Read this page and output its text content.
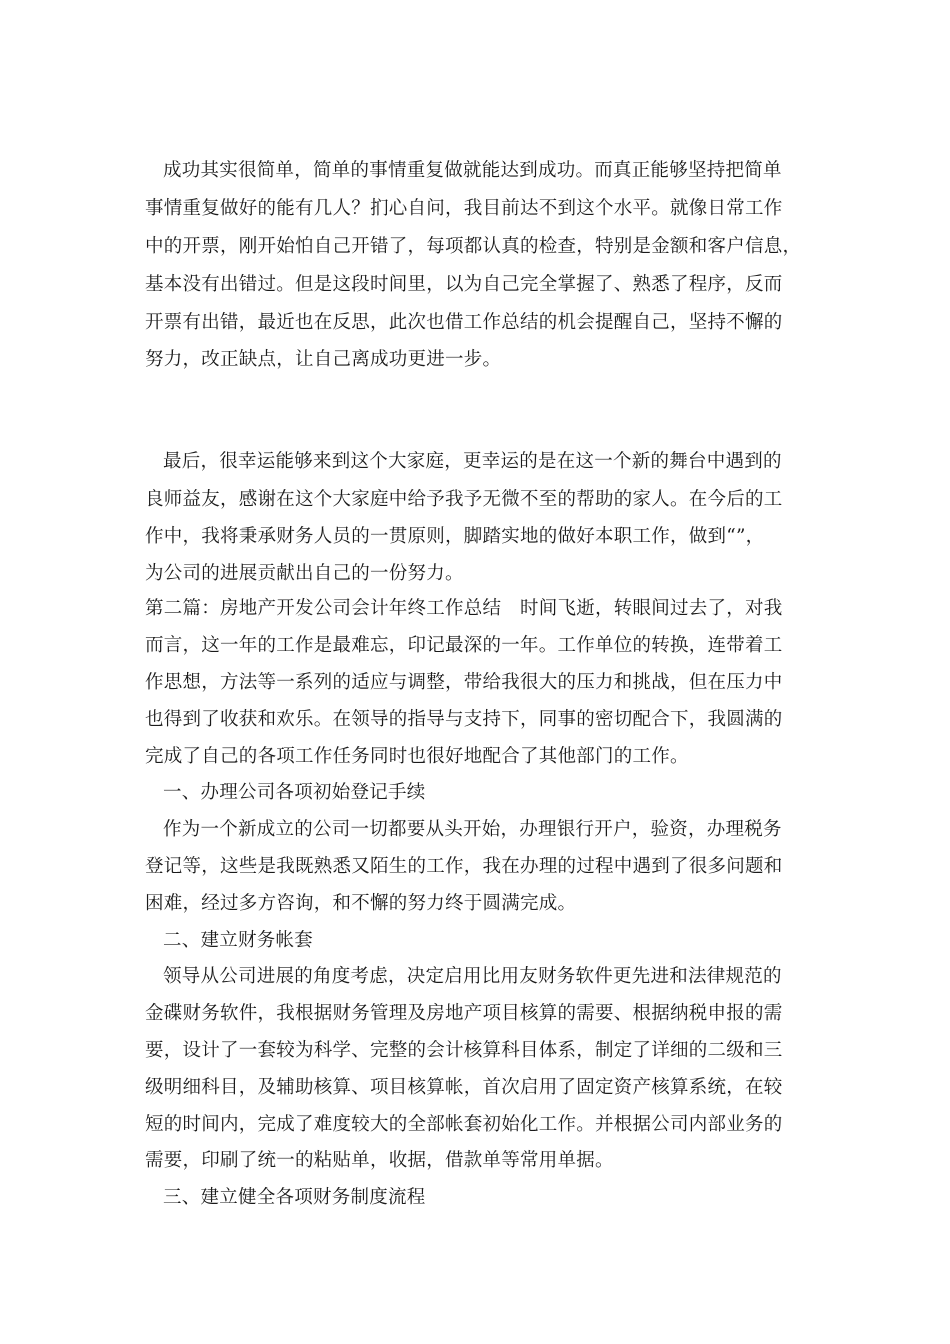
成功其实很简单，简单的事情重复做就能达到成功。而真正能够坚持把简单
事情重复做好的能有几人？扪心自问，我目前达不到这个水平。就像日常工作
中的开票，刚开始怕自己开错了，每项都认真的检查，特别是金额和客户信息，
基本没有出错过。但是这段时间里，以为自己完全掌握了、熟悉了程序，反而
开票有出错，最近也在反思，此次也借工作总结的机会提醒自己，坚持不懈的
努力，改正缺点，让自己离成功更进一步。
最后，很幸运能够来到这个大家庭，更幸运的是在这一个新的舞台中遇到的
良师益友，感谢在这个大家庭中给予我予无微不至的帮助的家人。在今后的工
作中，我将秉承财务人员的一贯原则，脚踏实地的做好本职工作，做到“”，
为公司的进展贡献出自己的一份努力。
第二篇：房地产开发公司会计年终工作总结　时间飞逝，转眼间过去了，对我
而言，这一年的工作是最难忘，印记最深的一年。工作单位的转换，连带着工
作思想，方法等一系列的适应与调整，带给我很大的压力和挑战，但在压力中
也得到了收获和欢乐。在领导的指导与支持下，同事的密切配合下，我圆满的
完成了自己的各项工作任务同时也很好地配合了其他部门的工作。
一、办理公司各项初始登记手续
作为一个新成立的公司一切都要从头开始，办理银行开户，验资，办理税务
登记等，这些是我既熟悉又陌生的工作，我在办理的过程中遇到了很多问题和
困难，经过多方咨询，和不懈的努力终于圆满完成。
二、建立财务帐套
领导从公司进展的角度考虑，决定启用比用友财务软件更先进和法律规范的
金碟财务软件，我根据财务管理及房地产项目核算的需要、根据纳税申报的需
要，设计了一套较为科学、完整的会计核算科目体系，制定了详细的二级和三
级明细科目，及辅助核算、项目核算帐，首次启用了固定资产核算系统，在较
短的时间内，完成了难度较大的全部帐套初始化工作。并根据公司内部业务的
需要，印刷了统一的粘贴单，收据，借款单等常用单据。
三、建立健全各项财务制度流程
